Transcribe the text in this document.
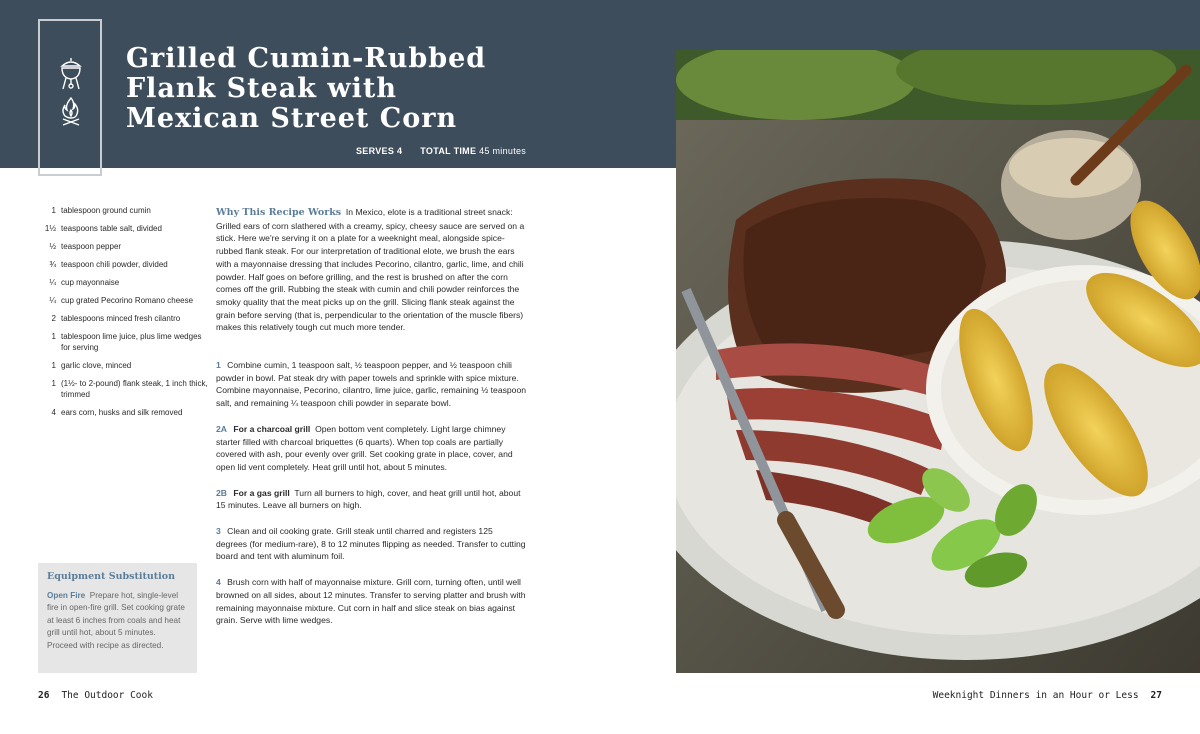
Grilled Cumin-Rubbed
Flank Steak with
Mexican Street Corn
SERVES 4 TOTAL TIME 45 minutes
1 tablespoon ground cumin
1½ teaspoons table salt, divided
½ teaspoon pepper
¾ teaspoon chili powder, divided
¼ cup mayonnaise
¼ cup grated Pecorino Romano cheese
2 tablespoons minced fresh cilantro
1 tablespoon lime juice, plus lime wedges for serving
1 garlic clove, minced
1 (1½- to 2-pound) flank steak, 1 inch thick, trimmed
4 ears corn, husks and silk removed

Why This Recipe Works In Mexico, elote is a traditional street snack: Grilled ears of corn slathered with a creamy, spicy, cheesy sauce are served on a stick. Here we're serving it on a plate for a weeknight meal, alongside spice-rubbed flank steak. For our interpretation of traditional elote, we brush the ears with a mayonnaise dressing that includes Pecorino, cilantro, garlic, lime, and chili powder. Half goes on before grilling, and the rest is brushed on after the corn comes off the grill. Rubbing the steak with cumin and chili powder reinforces the smoky quality that the meat picks up on the grill. Slicing flank steak against the grain before serving (that is, perpendicular to the orientation of the muscle fibers) makes this relatively tough cut much more tender.

1 Combine cumin, 1 teaspoon salt, ½ teaspoon pepper, and ½ teaspoon chili powder in bowl. Pat steak dry with paper towels and sprinkle with spice mixture. Combine mayonnaise, Pecorino, cilantro, lime juice, garlic, remaining ½ teaspoon salt, and remaining ¼ teaspoon chili powder in separate bowl.

2A For a charcoal grill Open bottom vent completely. Light large chimney starter filled with charcoal briquettes (6 quarts). When top coals are partially covered with ash, pour evenly over grill. Set cooking grate in place, cover, and open lid vent completely. Heat grill until hot, about 5 minutes.

2B For a gas grill Turn all burners to high, cover, and heat grill until hot, about 15 minutes. Leave all burners on high.

3 Clean and oil cooking grate. Grill steak until charred and registers 125 degrees (for medium-rare), 8 to 12 minutes flipping as needed. Transfer to cutting board and tent with aluminum foil.

4 Brush corn with half of mayonnaise mixture. Grill corn, turning often, until well browned on all sides, about 12 minutes. Transfer to serving platter and brush with remaining mayonnaise mixture. Cut corn in half and slice steak on bias against grain. Serve with lime wedges.

Equipment Substitution
Open Fire Prepare hot, single-level fire in open-fire grill. Set cooking grate at least 6 inches from coals and heat grill until hot, about 5 minutes. Proceed with recipe as directed.
26 The Outdoor Cook	Weeknight Dinners in an Hour or Less 27
